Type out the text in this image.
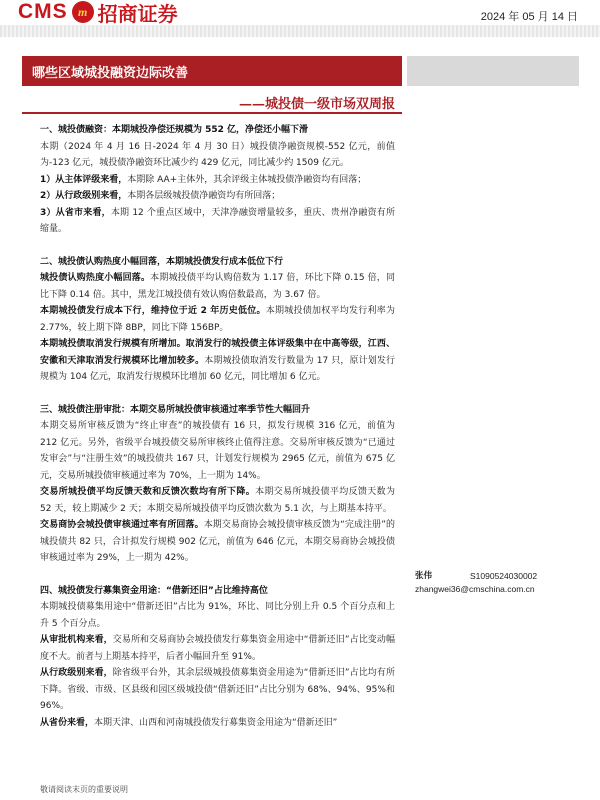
CMS m 招商证券	2024 年 05 月 14 日
哪些区域城投融资边际改善
——城投债一级市场双周报

一、城投债融资：本期城投净偿还规模为 552 亿，净偿还小幅下滑

本期（2024 年 4 月 16 日-2024 年 4 月 30 日）城投债净融资规模-552 亿元，前值为-123 亿元，城投债净融资环比减少约 429 亿元，同比减少约 1509 亿元。

1）从主体评级来看，本期除 AA+主体外，其余评级主体城投债净融资均有回落；

2）从行政级别来看，本期各层级城投债净融资均有所回落；

3）从省市来看，本期 12 个重点区域中，天津净融资增量较多，重庆、贵州净融资有所缩量。

二、城投债认购热度小幅回落，本期城投债发行成本低位下行

城投债认购热度小幅回落。本期城投债平均认购倍数为 1.17 倍，环比下降 0.15 倍，同比下降 0.14 倍。其中，黑龙江城投债有效认购倍数最高，为 3.67 倍。

本期城投债发行成本下行，维持位于近 2 年历史低位。本期城投债加权平均发行利率为 2.77%，较上期下降 8BP，同比下降 156BP。

本期城投债取消发行规模有所增加。取消发行的城投债主体评级集中在中高等级，江西、安徽和天津取消发行规模环比增加较多。本期城投债取消发行数量为 17 只，原计划发行规模为 104 亿元，取消发行规模环比增加 60 亿元，同比增加 6 亿元。

三、城投债注册审批：本期交易所城投债审核通过率季节性大幅回升

本期交易所审核反馈为“终止审查”的城投债有 16 只，拟发行规模 316 亿元，前值为 212 亿元。另外，省级平台城投债交易所审核终止值得注意。交易所审核反馈为“已通过发审会”与“注册生效”的城投债共 167 只，计划发行规模为 2965 亿元，前值为 675 亿元，交易所城投债审核通过率为 70%，上一期为 14%。

交易所城投债平均反馈天数和反馈次数均有所下降。本期交易所城投债平均反馈天数为 52 天，较上期减少 2 天；本期交易所城投债平均反馈次数为 5.1 次，与上期基本持平。

交易商协会城投债审核通过率有所回落。本期交易商协会城投债审核反馈为“完成注册”的城投债共 82 只，合计拟发行规模 902 亿元，前值为 646 亿元，本期交易商协会城投债审核通过率为 29%，上一期为 42%。

四、城投债发行募集资金用途：“借新还旧”占比维持高位

本期城投债募集用途中“借新还旧”占比为 91%，环比、同比分别上升 0.5 个百分点和上升 5 个百分点。

从审批机构来看，交易所和交易商协会城投债发行募集资金用途中“借新还旧”占比变动幅度不大。前者与上期基本持平，后者小幅回升至 91%。

从行政级别来看，除省级平台外，其余层级城投债募集资金用途为“借新还旧”占比均有所下降。省级、市级、区县级和园区级城投债“借新还旧”占比分别为 68%、94%、95%和 96%。

从省份来看，本期天津、山西和河南城投债发行募集资金用途为“借新还旧”

张伟	S1090524030002
zhangwei36@cmschina.com.cn
敬请阅读末页的重要说明
